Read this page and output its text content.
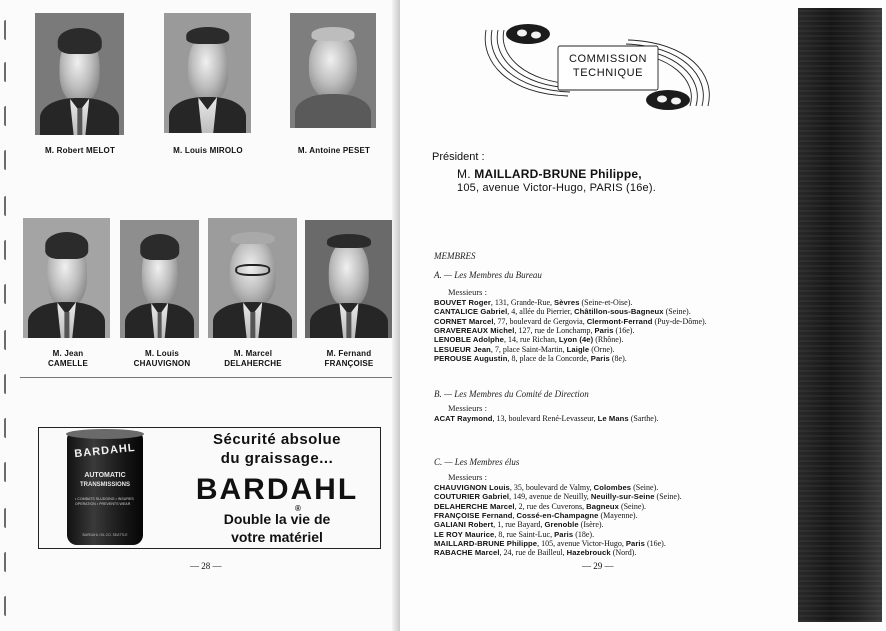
M. Robert MELOT	M. Louis MIROLO	M. Antoine PESET
M. Jean
CAMELLE
M. Louis
CHAUVIGNON
M. Marcel
DELAHERCHE
M. Fernand
FRANÇOISE
BARDAHL
AUTOMATIC
TRANSMISSIONS
• COMBATS SLUDGING • INSURES OPERATION • PREVENTS WEAR
BARDAHL OIL CO. SEATTLE
Sécurité absolue
du graissage...
BARDAHL
®
Double la vie de
votre matériel
— 28 —
COMMISSION
TECHNIQUE
Président :
M. MAILLARD-BRUNE Philippe,
105, avenue Victor-Hugo, PARIS (16e).
MEMBRES
A. — Les Membres du Bureau
Messieurs :
BOUVET Roger, 131, Grande-Rue, Sèvres (Seine-et-Oise).
CANTALICE Gabriel, 4, allée du Pierrier, Châtillon-sous-Bagneux (Seine).
CORNET Marcel, 77, boulevard de Gergovia, Clermont-Ferrand (Puy-de-Dôme).
GRAVEREAUX Michel, 127, rue de Lonchamp, Paris (16e).
LENOBLE Adolphe, 14, rue Richan, Lyon (4e) (Rhône).
LESUEUR Jean, 7, place Saint-Martin, Laigle (Orne).
PEROUSE Augustin, 8, place de la Concorde, Paris (8e).
B. — Les Membres du Comité de Direction
Messieurs :
ACAT Raymond, 13, boulevard René-Levasseur, Le Mans (Sarthe).
C. — Les Membres élus
Messieurs :
CHAUVIGNON Louis, 35, boulevard de Valmy, Colombes (Seine).
COUTURIER Gabriel, 149, avenue de Neuilly, Neuilly-sur-Seine (Seine).
DELAHERCHE Marcel, 2, rue des Cuverons, Bagneux (Seine).
FRANÇOISE Fernand, Cossé-en-Champagne (Mayenne).
GALIANI Robert, 1, rue Bayard, Grenoble (Isère).
LE ROY Maurice, 8, rue Saint-Luc, Paris (18e).
MAILLARD-BRUNE Philippe, 105, avenue Victor-Hugo, Paris (16e).
RABACHE Marcel, 24, rue de Bailleul, Hazebrouck (Nord).
— 29 —
